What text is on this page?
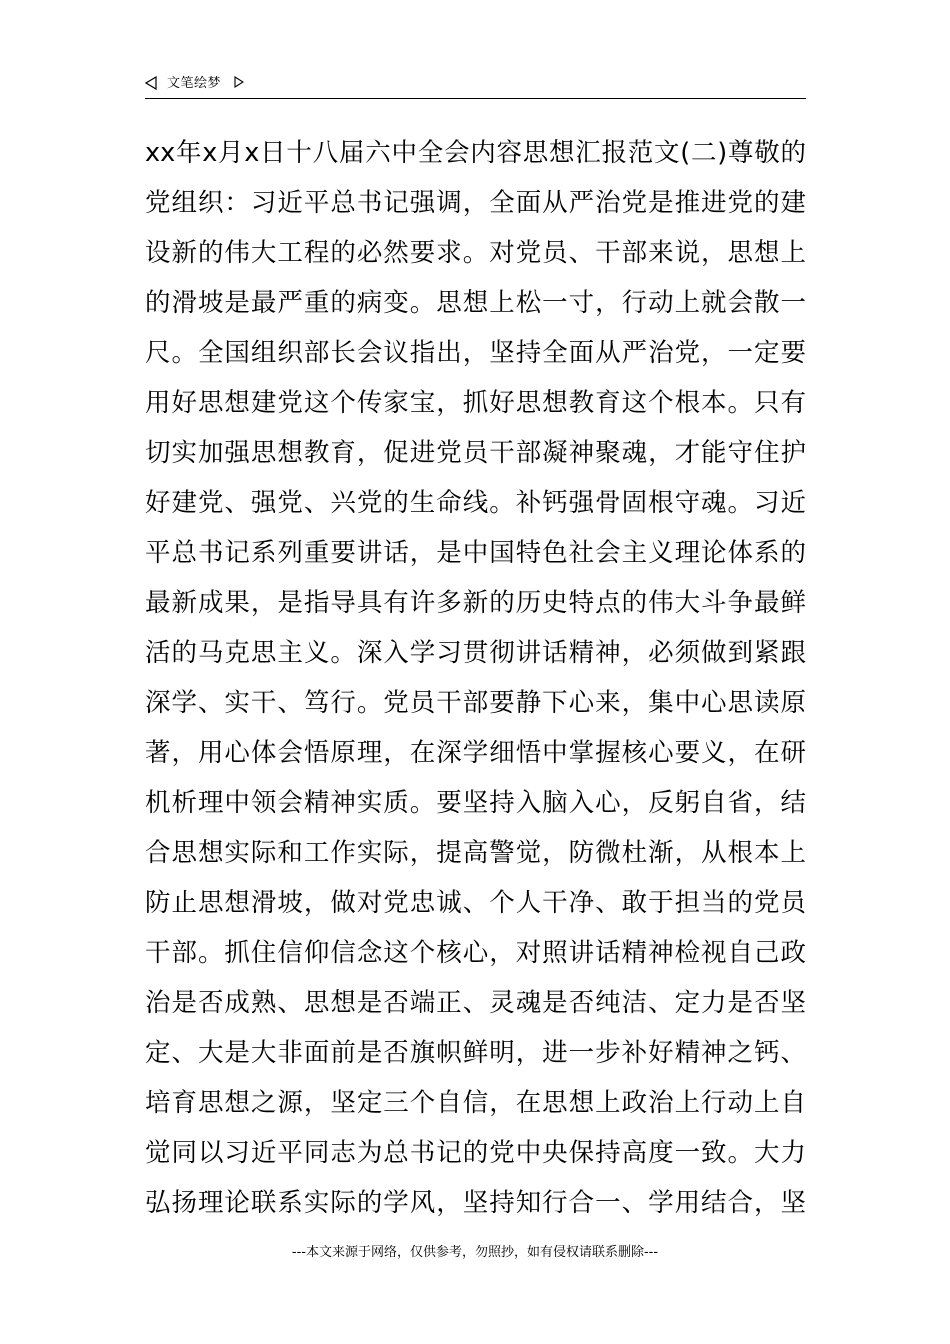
文笔绘梦
xx年x月x日十八届六中全会内容思想汇报范文(二)尊敬的
党组织：习近平总书记强调，全面从严治党是推进党的建
设新的伟大工程的必然要求。对党员、干部来说，思想上
的滑坡是最严重的病变。思想上松一寸，行动上就会散一
尺。全国组织部长会议指出，坚持全面从严治党，一定要
用好思想建党这个传家宝，抓好思想教育这个根本。只有
切实加强思想教育，促进党员干部凝神聚魂，才能守住护
好建党、强党、兴党的生命线。补钙强骨固根守魂。习近
平总书记系列重要讲话，是中国特色社会主义理论体系的
最新成果，是指导具有许多新的历史特点的伟大斗争最鲜
活的马克思主义。深入学习贯彻讲话精神，必须做到紧跟
深学、实干、笃行。党员干部要静下心来，集中心思读原
著，用心体会悟原理，在深学细悟中掌握核心要义，在研
机析理中领会精神实质。要坚持入脑入心，反躬自省，结
合思想实际和工作实际，提高警觉，防微杜渐，从根本上
防止思想滑坡，做对党忠诚、个人干净、敢于担当的党员
干部。抓住信仰信念这个核心，对照讲话精神检视自己政
治是否成熟、思想是否端正、灵魂是否纯洁、定力是否坚
定、大是大非面前是否旗帜鲜明，进一步补好精神之钙、
培育思想之源，坚定三个自信，在思想上政治上行动上自
觉同以习近平同志为总书记的党中央保持高度一致。大力
弘扬理论联系实际的学风，坚持知行合一、学用结合，坚
---本文来源于网络，仅供参考，勿照抄，如有侵权请联系删除---
